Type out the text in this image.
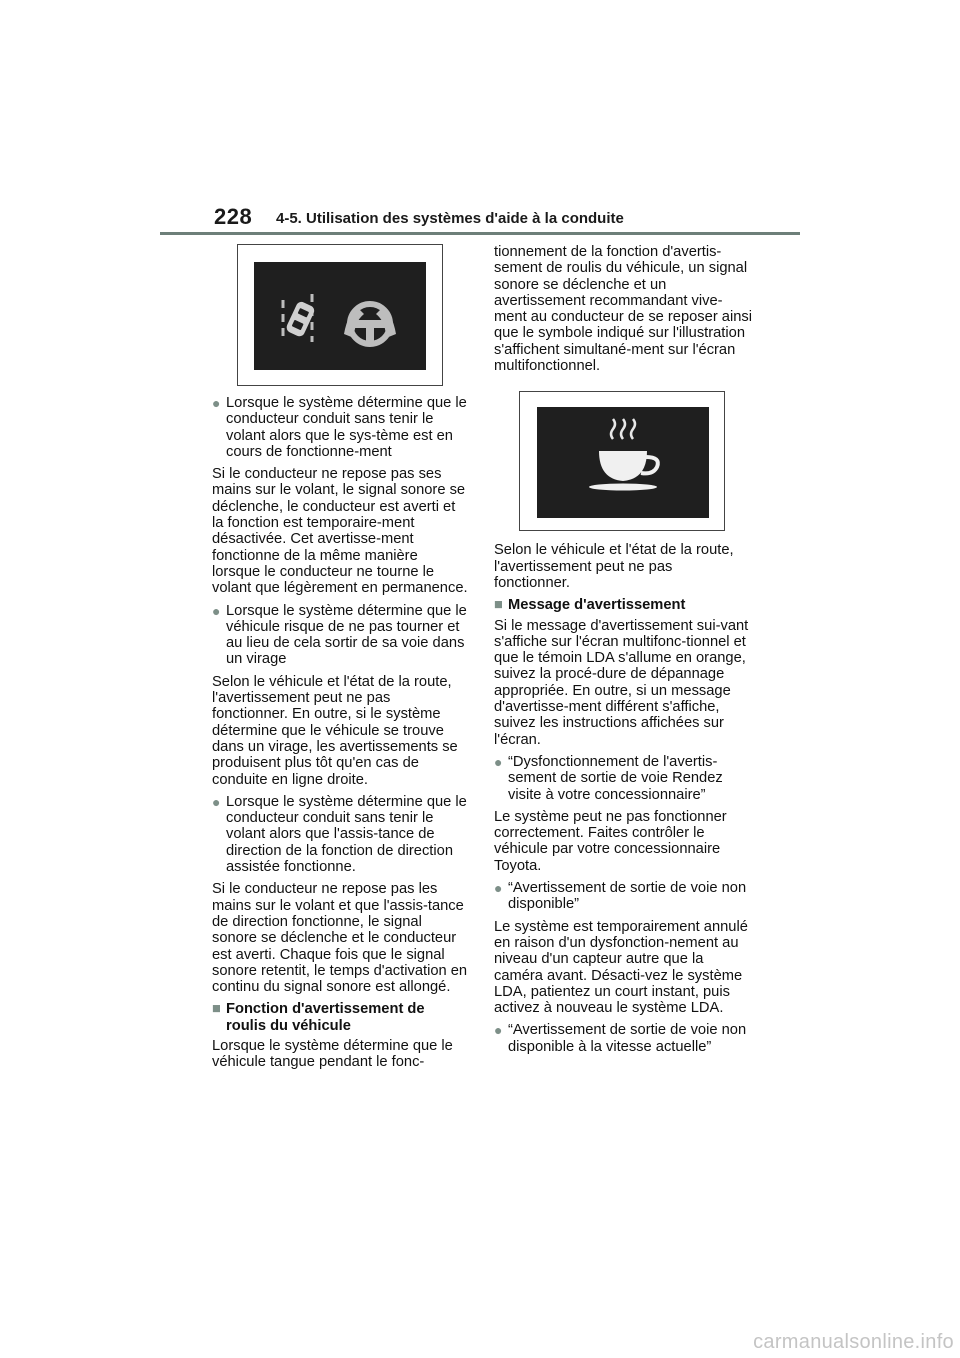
228 4-5. Utilisation des systèmes d'aide à la conduite
● Lorsque le système détermine que le conducteur conduit sans tenir le volant alors que le sys-tème est en cours de fonctionne-ment

Si le conducteur ne repose pas ses mains sur le volant, le signal sonore se déclenche, le conducteur est averti et la fonction est temporaire-ment désactivée. Cet avertisse-ment fonctionne de la même manière lorsque le conducteur ne tourne le volant que légèrement en permanence.

● Lorsque le système détermine que le véhicule risque de ne pas tourner et au lieu de cela sortir de sa voie dans un virage

Selon le véhicule et l'état de la route, l'avertissement peut ne pas fonctionner. En outre, si le système détermine que le véhicule se trouve dans un virage, les avertissements se produisent plus tôt qu'en cas de conduite en ligne droite.

● Lorsque le système détermine que le conducteur conduit sans tenir le volant alors que l'assis-tance de direction de la fonction de direction assistée fonctionne.

Si le conducteur ne repose pas les mains sur le volant et que l'assis-tance de direction fonctionne, le signal sonore se déclenche et le conducteur est averti. Chaque fois que le signal sonore retentit, le temps d'activation en continu du signal sonore est allongé.

■ Fonction d'avertissement de roulis du véhicule

Lorsque le système détermine que le véhicule tangue pendant le fonc-

tionnement de la fonction d'avertis-sement de roulis du véhicule, un signal sonore se déclenche et un avertissement recommandant vive-ment au conducteur de se reposer ainsi que le symbole indiqué sur l'illustration s'affichent simultané-ment sur l'écran multifonctionnel.

Selon le véhicule et l'état de la route, l'avertissement peut ne pas fonctionner.

■ Message d'avertissement

Si le message d'avertissement sui-vant s'affiche sur l'écran multifonc-tionnel et que le témoin LDA s'allume en orange, suivez la procé-dure de dépannage appropriée. En outre, si un message d'avertisse-ment différent s'affiche, suivez les instructions affichées sur l'écran.

● “Dysfonctionnement de l'avertis-sement de sortie de voie Rendez visite à votre concessionnaire”

Le système peut ne pas fonctionner correctement. Faites contrôler le véhicule par votre concessionnaire Toyota.

● “Avertissement de sortie de voie non disponible”

Le système est temporairement annulé en raison d'un dysfonction-nement au niveau d'un capteur autre que la caméra avant. Désacti-vez le système LDA, patientez un court instant, puis activez à nouveau le système LDA.

● “Avertissement de sortie de voie non disponible à la vitesse actuelle”
carmanualsonline.info
